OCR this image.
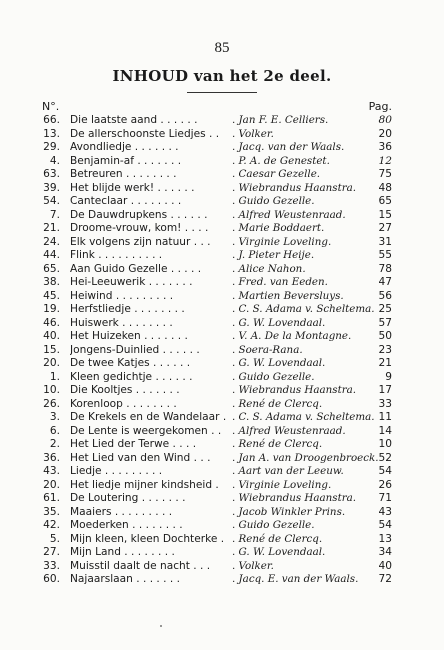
85
INHOUD van het 2e deel.
N°.	Pag.
66. Die laatste aand . . . . . .	. Jan F. E. Celliers.	80
13. De allerschoonste Liedjes . .	. Volker.	20
29. Avondliedje . . . . . . .	. Jacq. van der Waals.	36
4. Benjamin-af . . . . . . .	. P. A. de Genestet.	12
63. Betreuren . . . . . . . .	. Caesar Gezelle.	75
39. Het blijde werk! . . . . . .	. Wiebrandus Haanstra.	48
54. Canteclaar . . . . . . . .	. Guido Gezelle.	65
7. De Dauwdrupkens . . . . . .	. Alfred Weustenraad.	15
21. Droome-vrouw, kom! . . . .	. Marie Boddaert.	27
24. Elk volgens zijn natuur . . .	. Virginie Loveling.	31
44. Flink . . . . . . . . . .	. J. Pieter Heije.	55
65. Aan Guido Gezelle . . . . .	. Alice Nahon.	78
38. Hei-Leeuwerik . . . . . . .	. Fred. van Eeden.	47
45. Heiwind . . . . . . . . .	. Martien Beversluys.	56
19. Herfstliedje . . . . . . . .	. C. S. Adama v. Scheltema. 25
46. Huiswerk . . . . . . . .	. G. W. Lovendaal.	57
40. Het Huizeken . . . . . . .	. V. A. De la Montagne.	50
15. Jongens-Duinlied . . . . . .	. Soera-Rana.	23
20. De twee Katjes . . . . . .	. G. W. Lovendaal.	21
1. Kleen gedichtje . . . . . .	. Guido Gezelle.	9
10. Die Kooltjes . . . . . . .	. Wiebrandus Haanstra.	17
26. Korenloop . . . . . . . .	. René de Clercq.	33
3. De Krekels en de Wandelaar . . C. S. Adama v. Scheltema. 11
6. De Lente is weergekomen . .	. Alfred Weustenraad.	14
2. Het Lied der Terwe . . . .	. René de Clercq.	10
36. Het Lied van den Wind . . .	. Jan A. van Droogenbroeck. 52
43. Liedje . . . . . . . . .	. Aart van der Leeuw.	54
20. Het liedje mijner kindsheid .	. Virginie Loveling.	26
61. De Loutering . . . . . . .	. Wiebrandus Haanstra.	71
35. Maaiers . . . . . . . . .	. Jacob Winkler Prins.	43
42. Moederken . . . . . . . .	. Guido Gezelle.	54
5. Mijn kleen, kleen Dochterke . . René de Clercq.	13
27. Mijn Land . . . . . . . .	. G. W. Lovendaal.	34
33. Muisstil daalt de nacht . . .	. Volker.	40
60. Najaarslaan . . . . . . .	. Jacq. E. van der Waals.	72
